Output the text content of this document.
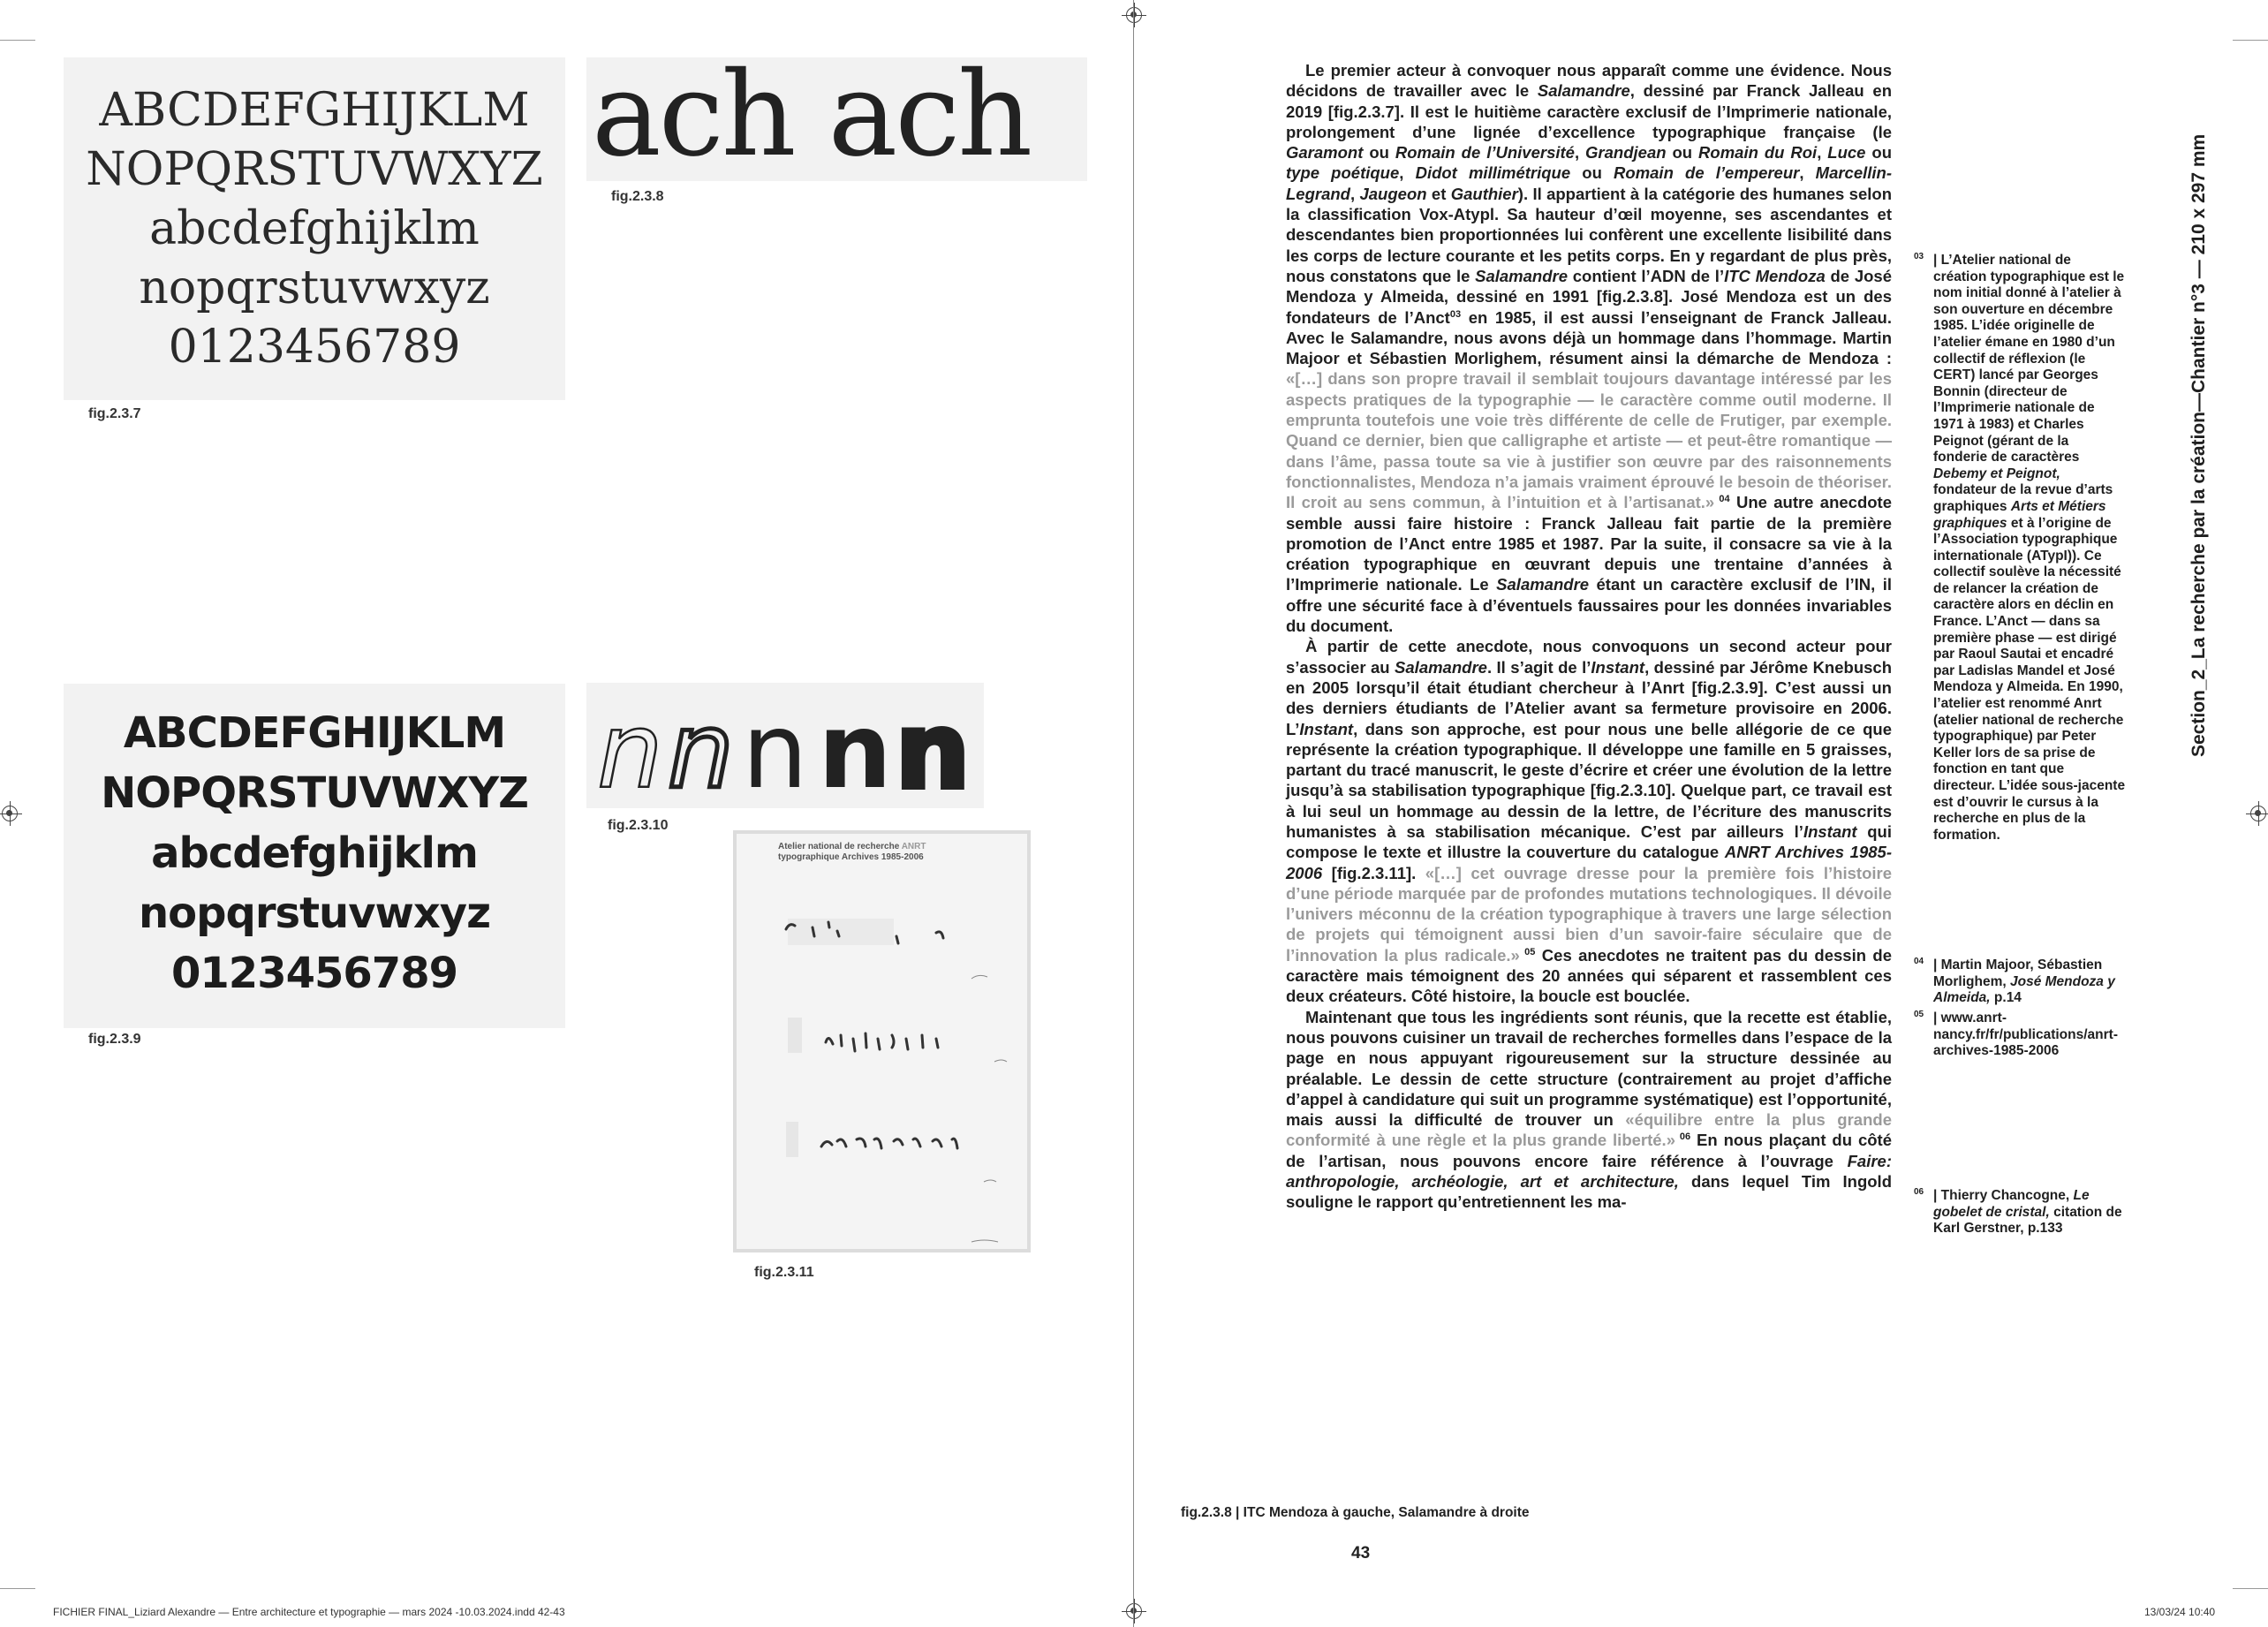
ABCDEFGHIJKLM
NOPQRSTUVWXYZ
abcdefghijklm
nopqrstuvwxyz
0123456789
fig.2.3.7
ach ach
fig.2.3.8
ABCDEFGHIJKLM
NOPQRSTUVWXYZ
abcdefghijklm
nopqrstuvwxyz
0123456789
fig.2.3.9
n n n n n
fig.2.3.10
Atelier national de recherche ANRT
typographique Archives 1985-2006
fig.2.3.11

Le premier acteur à convoquer nous apparaît comme une évidence. Nous décidons de travailler avec le Salamandre, dessiné par Franck Jalleau en 2019 [fig.2.3.7]. Il est le huitième caractère exclusif de l’Imprimerie nationale, prolongement d’une lignée d’excellence typographique française (le Garamont ou Romain de l’Université, Grandjean ou Romain du Roi, Luce ou type poétique, Didot millimétrique ou Romain de l’empereur, Marcellin-Legrand, Jaugeon et Gauthier). Il appartient à la catégorie des humanes selon la classification Vox-Atypl. Sa hauteur d’œil moyenne, ses ascendantes et descendantes bien proportionnées lui confèrent une excellente lisibilité dans les corps de lecture courante et les petits corps. En y regardant de plus près, nous constatons que le Salamandre contient l’ADN de l’ITC Mendoza de José Mendoza y Almeida, dessiné en 1991 [fig.2.3.8]. José Mendoza est un des fondateurs de l’Anct$^{03}$ en 1985, il est aussi l’enseignant de Franck Jalleau. Avec le Salamandre, nous avons déjà un hommage dans l’hommage. Martin Majoor et Sébastien Morlighem, résument ainsi la démarche de Mendoza : «[…] dans son propre travail il semblait toujours davantage intéressé par les aspects pratiques de la typographie — le caractère comme outil moderne. Il emprunta toutefois une voie très différente de celle de Frutiger, par exemple. Quand ce dernier, bien que calligraphe et artiste — et peut-être romantique — dans l’âme, passa toute sa vie à justifier son œuvre par des raisonnements fonctionnalistes, Mendoza n’a jamais vraiment éprouvé le besoin de théoriser. Il croit au sens commun, à l’intuition et à l’artisanat.» $^{04}$ Une autre anecdote semble aussi faire histoire : Franck Jalleau fait partie de la première promotion de l’Anct entre 1985 et 1987. Par la suite, il consacre sa vie à la création typographique en œuvrant depuis une trentaine d’années à l’Imprimerie nationale. Le Salamandre étant un caractère exclusif de l’IN, il offre une sécurité face à d’éventuels faussaires pour les données invariables du document.

À partir de cette anecdote, nous convoquons un second acteur pour s’associer au Salamandre. Il s’agit de l’Instant, dessiné par Jérôme Knebusch en 2005 lorsqu’il était étudiant chercheur à l’Anrt [fig.2.3.9]. C’est aussi un des derniers étudiants de l’Atelier avant sa fermeture provisoire en 2006. L’Instant, dans son approche, est pour nous une belle allégorie de ce que représente la création typographique. Il développe une famille en 5 graisses, partant du tracé manuscrit, le geste d’écrire et créer une évolution de la lettre jusqu’à sa stabilisation typographique [fig.2.3.10]. Quelque part, ce travail est à lui seul un hommage au dessin de la lettre, de l’écriture des manuscrits humanistes à sa stabilisation mécanique. C’est par ailleurs l’Instant qui compose le texte et illustre la couverture du catalogue ANRT Archives 1985-2006 [fig.2.3.11]. «[…] cet ouvrage dresse pour la première fois l’histoire d’une période marquée par de profondes mutations technologiques. Il dévoile l’univers méconnu de la création typographique à travers une large sélection de projets qui témoignent aussi bien d’un savoir-faire séculaire que de l’innovation la plus radicale.» $^{05}$ Ces anecdotes ne traitent pas du dessin de caractère mais témoignent des 20 années qui séparent et rassemblent ces deux créateurs. Côté histoire, la boucle est bouclée.

Maintenant que tous les ingrédients sont réunis, que la recette est établie, nous pouvons cuisiner un travail de recherches formelles dans l’espace de la page en nous appuyant rigoureusement sur la structure dessinée au préalable. Le dessin de cette structure (contrairement au projet d’affiche d’appel à candidature qui suit un programme systématique) est l’opportunité, mais aussi la difficulté de trouver un «équilibre entre la plus grande conformité à une règle et la plus grande liberté.» $^{06}$ En nous plaçant du côté de l’artisan, nous pouvons encore faire référence à l’ouvrage Faire: anthropologie, archéologie, art et architecture, dans lequel Tim Ingold souligne le rapport qu’entretiennent les ma-

03 | L’Atelier national de création typographique est le nom initial donné à l’atelier à son ouverture en décembre 1985. L’idée originelle de l’atelier émane en 1980 d’un collectif de réflexion (le CERT) lancé par Georges Bonnin (directeur de l’Imprimerie nationale de 1971 à 1983) et Charles Peignot (gérant de la fonderie de caractères Debemy et Peignot, fondateur de la revue d’arts graphiques Arts et Métiers graphiques et à l’origine de l’Association typographique internationale (ATypI)). Ce collectif soulève la nécessité de relancer la création de caractère alors en déclin en France. L’Anct — dans sa première phase — est dirigé par Raoul Sautai et encadré par Ladislas Mandel et José Mendoza y Almeida. En 1990, l’atelier est renommé Anrt (atelier national de recherche typographique) par Peter Keller lors de sa prise de fonction en tant que directeur. L’idée sous-jacente est d’ouvrir le cursus à la recherche en plus de la formation.
04 | Martin Majoor, Sébastien Morlighem, José Mendoza y Almeida, p.14
05 | www.anrt-nancy.fr/fr/publications/anrt-archives-1985-2006
06 | Thierry Chancogne, Le gobelet de cristal, citation de Karl Gerstner, p.133
Section_2_La recherche par la création—Chantier n°3 — 210 x 297 mm
fig.2.3.8 | ITC Mendoza à gauche, Salamandre à droite
43
FICHIER FINAL_Liziard Alexandre — Entre architecture et typographie — mars 2024 -10.03.2024.indd 42-43	13/03/24 10:40
